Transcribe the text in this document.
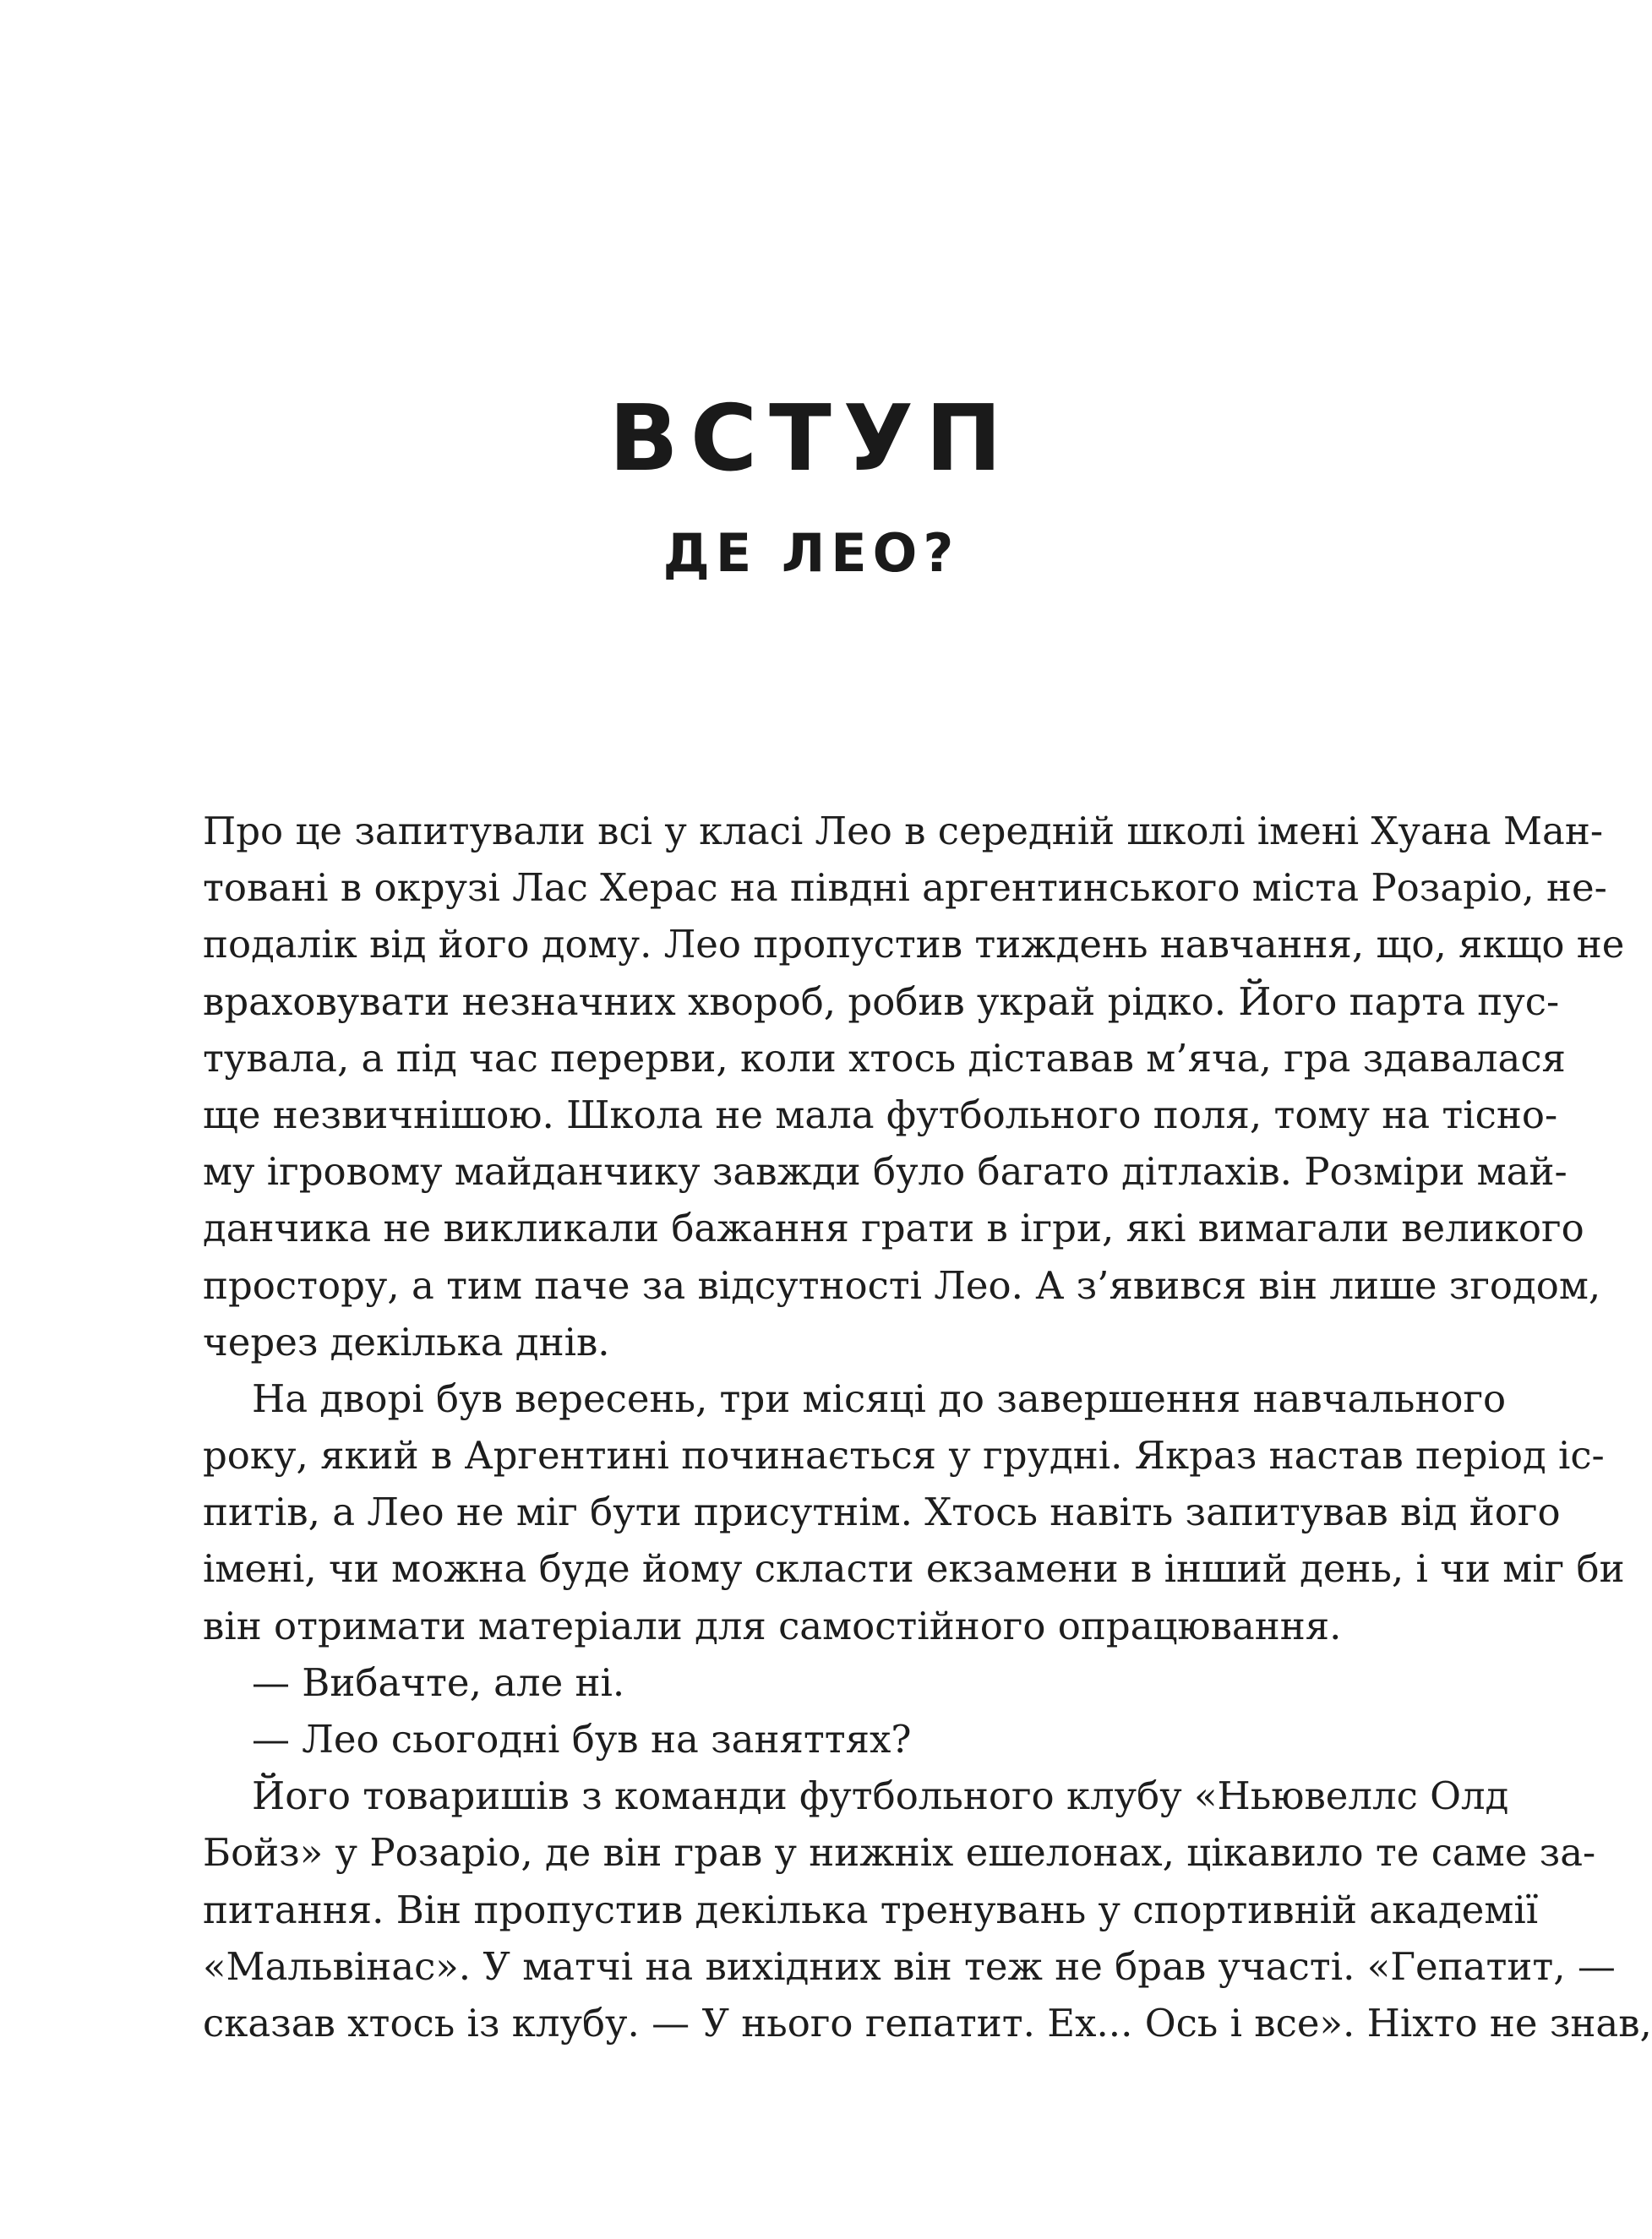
ВСТУП
ДЕ ЛЕО?
Про це запитували всі у класі Лео в середній школі імені Хуана Ман-
товані в окрузі Лас Херас на півдні аргентинського міста Розаріо, не-
подалік від його дому. Лео пропустив тиждень навчання, що, якщо не
враховувати незначних хвороб, робив украй рідко. Його парта пус-
тувала, а під час перерви, коли хтось діставав м’яча, гра здавалася
ще незвичнішою. Школа не мала футбольного поля, тому на тісно-
му ігровому майданчику завжди було багато дітлахів. Розміри май-
данчика не викликали бажання грати в ігри, які вимагали великого
простору, а тим паче за відсутності Лео. А з’явився він лише згодом,
через декілька днів.
На дворі був вересень, три місяці до завершення навчального
року, який в Аргентині починається у грудні. Якраз настав період іс-
питів, а Лео не міг бути присутнім. Хтось навіть запитував від його
імені, чи можна буде йому скласти екзамени в інший день, і чи міг би
він отримати матеріали для самостійного опрацювання.
— Вибачте, але ні.
— Лео сьогодні був на заняттях?
Його товаришів з команди футбольного клубу «Ньювеллс Олд
Бойз» у Розаріо, де він грав у нижніх ешелонах, цікавило те саме за-
питання. Він пропустив декілька тренувань у спортивній академії
«Мальвінас». У матчі на вихідних він теж не брав участі. «Гепатит, —
сказав хтось із клубу. — У нього гепатит. Ех... Ось і все». Ніхто не знав,
